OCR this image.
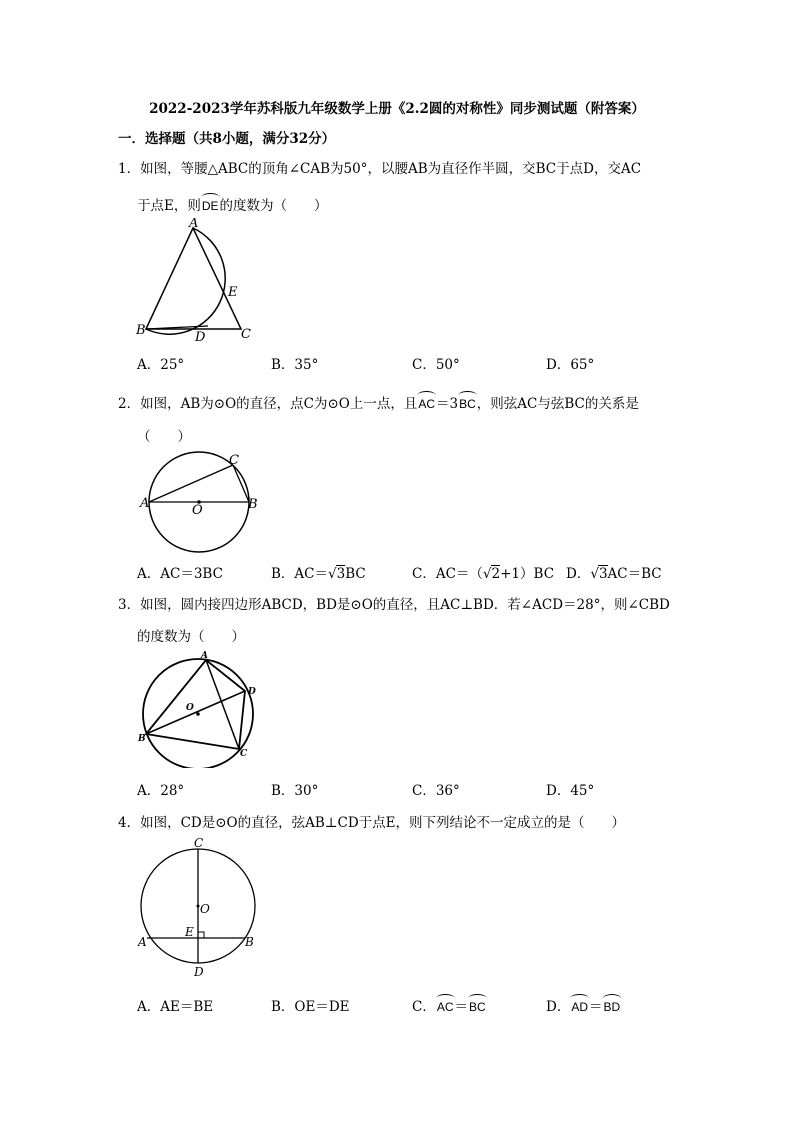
2022-2023学年苏科版九年级数学上册《2.2圆的对称性》同步测试题（附答案）
一．选择题（共8小题，满分32分）
1．如图，等腰△ABC的顶角∠CAB为50°，以腰AB为直径作半圆，交BC于点D，交AC
于点E，则DE的度数为（　　）
A
B	C
D
E
A．25°	B．35°	C．50°	D．65°
2．如图，AB为⊙O的直径，点C为⊙O上一点，且AC＝3BC，则弦AC与弦BC的关系是
（　　）
A	B
C
O
A．AC＝3BC	B．AC＝√3BC	C．AC＝（√2+1）BC D．√3AC＝BC
3．如图，圆内接四边形ABCD，BD是⊙O的直径，且AC⊥BD．若∠ACD＝28°，则∠CBD
的度数为（　　）
A
B
C
D
O
A．28°	B．30°	C．36°	D．45°
4．如图，CD是⊙O的直径，弦AB⊥CD于点E，则下列结论不一定成立的是（　　）
C
D
A	B
E
O
A．AE＝BE	B．OE＝DE	C．AC＝BC	D．AD＝BD
